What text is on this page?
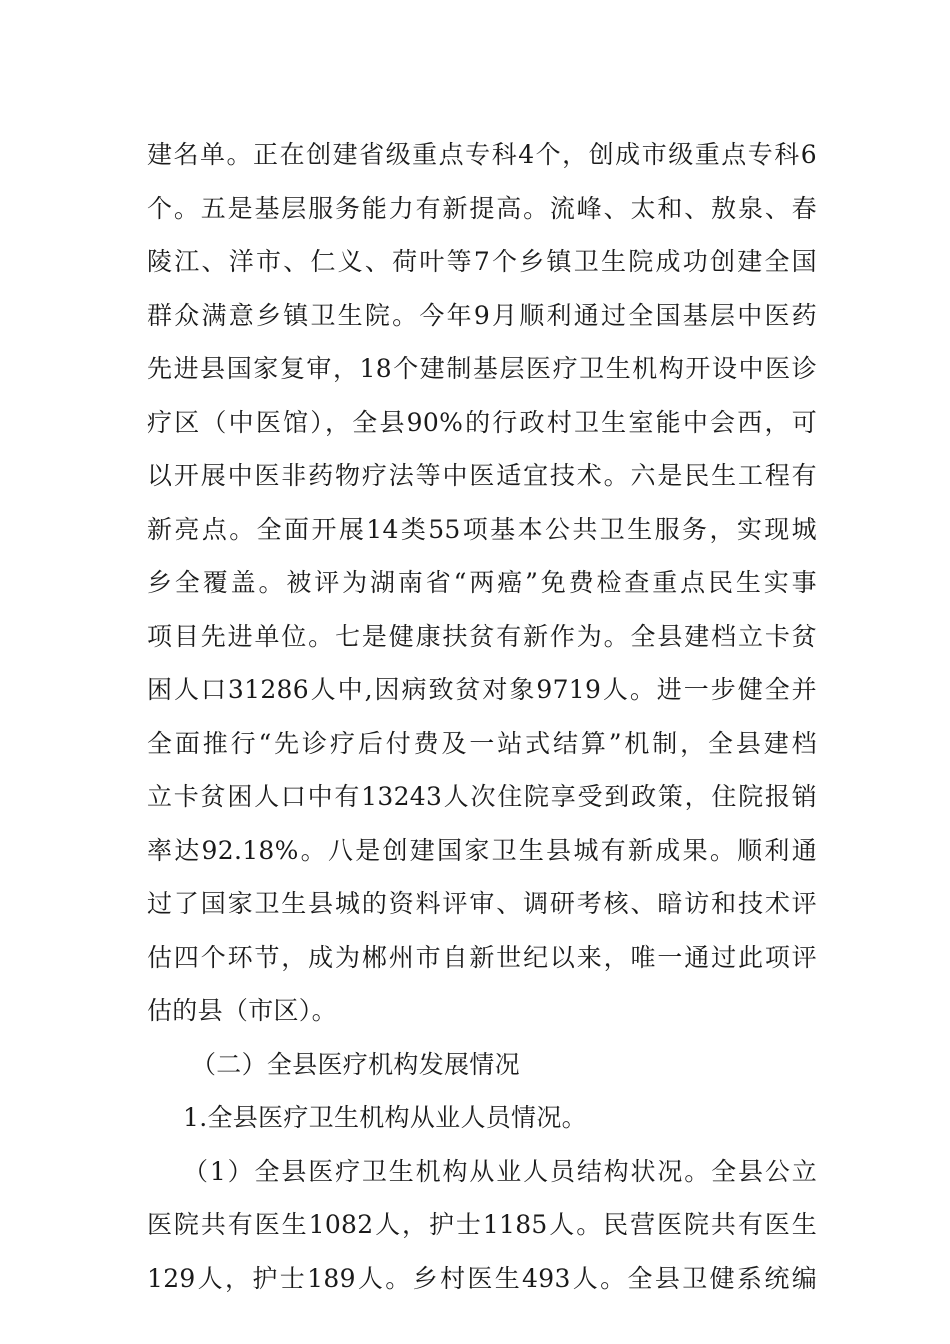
建名单。正在创建省级重点专科4个，创成市级重点专科6
个。五是基层服务能力有新提高。流峰、太和、敖泉、春
陵江、洋市、仁义、荷叶等7个乡镇卫生院成功创建全国
群众满意乡镇卫生院。今年9月顺利通过全国基层中医药
先进县国家复审，18个建制基层医疗卫生机构开设中医诊
疗区（中医馆），全县90%的行政村卫生室能中会西，可
以开展中医非药物疗法等中医适宜技术。六是民生工程有
新亮点。全面开展14类55项基本公共卫生服务，实现城
乡全覆盖。被评为湖南省“两癌”免费检查重点民生实事
项目先进单位。七是健康扶贫有新作为。全县建档立卡贫
困人口31286人中,因病致贫对象9719人。进一步健全并
全面推行“先诊疗后付费及一站式结算”机制，全县建档
立卡贫困人口中有13243人次住院享受到政策，住院报销
率达92.18%。八是创建国家卫生县城有新成果。顺利通
过了国家卫生县城的资料评审、调研考核、暗访和技术评
估四个环节，成为郴州市自新世纪以来，唯一通过此项评
估的县（市区）。
（二）全县医疗机构发展情况
1.全县医疗卫生机构从业人员情况。
（1）全县医疗卫生机构从业人员结构状况。全县公立
医院共有医生1082人，护士1185人。民营医院共有医生
129人，护士189人。乡村医生493人。全县卫健系统编
